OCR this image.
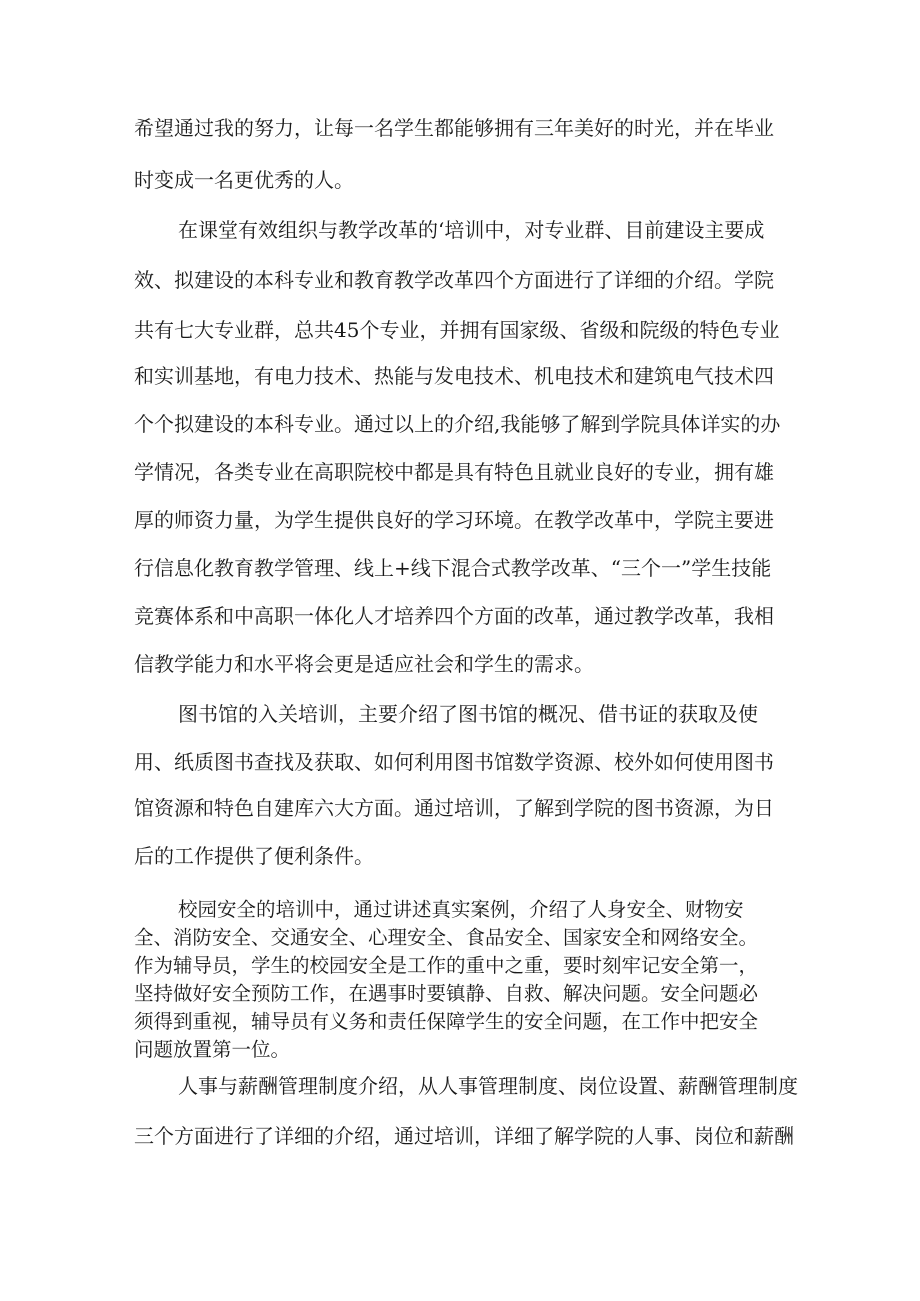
希望通过我的努力，让每一名学生都能够拥有三年美好的时光，并在毕业

时变成一名更优秀的人。

在课堂有效组织与教学改革的‘培训中，对专业群、目前建设主要成

效、拟建设的本科专业和教育教学改革四个方面进行了详细的介绍。学院

共有七大专业群，总共45个专业，并拥有国家级、省级和院级的特色专业

和实训基地，有电力技术、热能与发电技术、机电技术和建筑电气技术四

个个拟建设的本科专业。通过以上的介绍,我能够了解到学院具体详实的办

学情况，各类专业在高职院校中都是具有特色且就业良好的专业，拥有雄

厚的师资力量，为学生提供良好的学习环境。在教学改革中，学院主要进

行信息化教育教学管理、线上+线下混合式教学改革、“三个一”学生技能

竞赛体系和中高职一体化人才培养四个方面的改革，通过教学改革，我相

信教学能力和水平将会更是适应社会和学生的需求。

图书馆的入关培训，主要介绍了图书馆的概况、借书证的获取及使

用、纸质图书查找及获取、如何利用图书馆数学资源、校外如何使用图书

馆资源和特色自建库六大方面。通过培训，了解到学院的图书资源，为日

后的工作提供了便利条件。

校园安全的培训中，通过讲述真实案例，介绍了人身安全、财物安

全、消防安全、交通安全、心理安全、食品安全、国家安全和网络安全。

作为辅导员，学生的校园安全是工作的重中之重，要时刻牢记安全第一，

坚持做好安全预防工作，在遇事时要镇静、自救、解决问题。安全问题必

须得到重视，辅导员有义务和责任保障学生的安全问题，在工作中把安全

问题放置第一位。

人事与薪酬管理制度介绍，从人事管理制度、岗位设置、薪酬管理制度

三个方面进行了详细的介绍，通过培训，详细了解学院的人事、岗位和薪酬
